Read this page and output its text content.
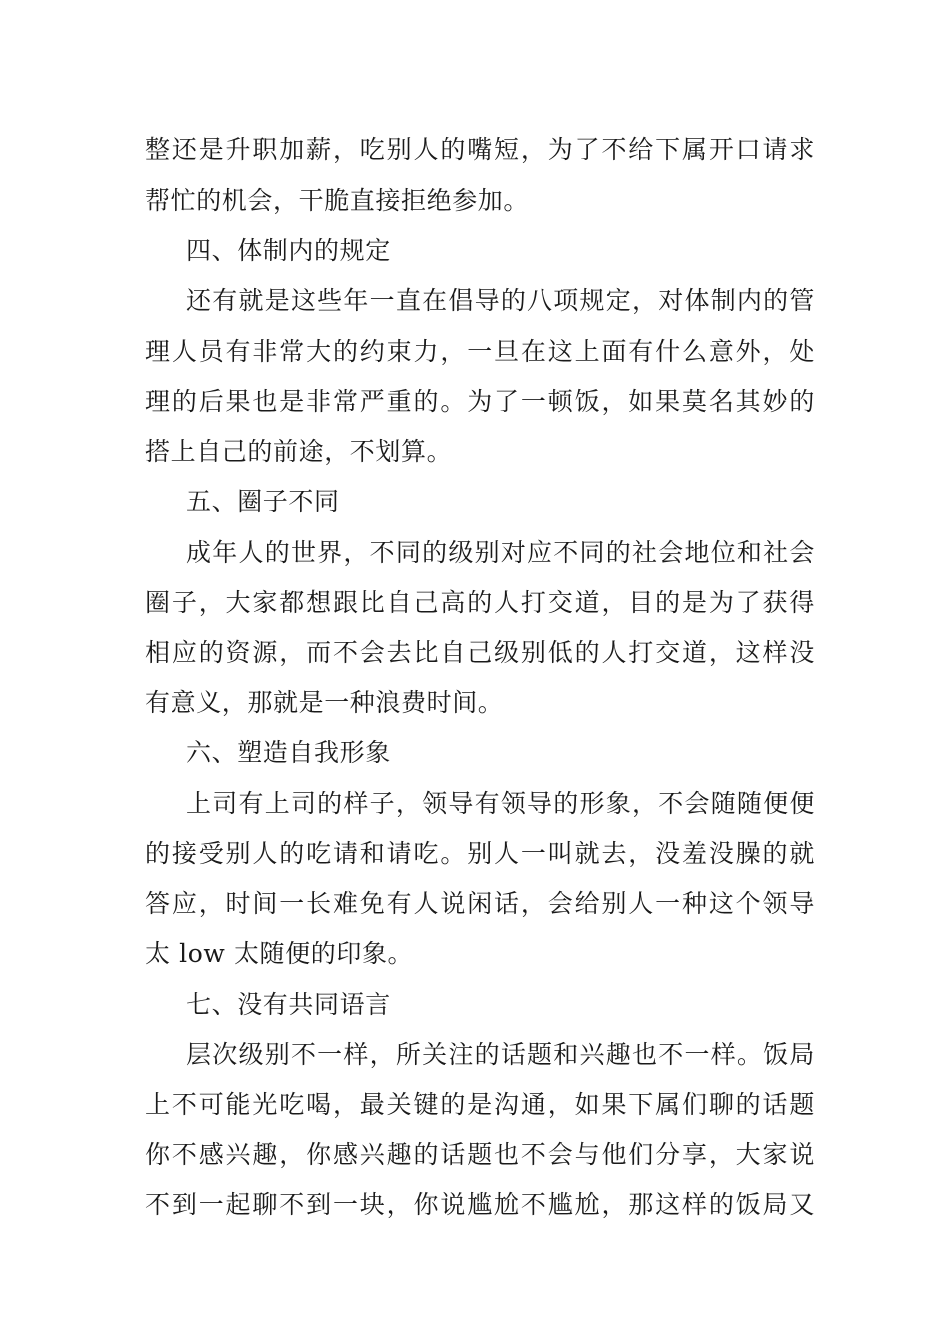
整还是升职加薪，吃别人的嘴短，为了不给下属开口请求
帮忙的机会，干脆直接拒绝参加。
四、体制内的规定
还有就是这些年一直在倡导的八项规定，对体制内的管
理人员有非常大的约束力，一旦在这上面有什么意外，处
理的后果也是非常严重的。为了一顿饭，如果莫名其妙的
搭上自己的前途，不划算。
五、圈子不同
成年人的世界，不同的级别对应不同的社会地位和社会
圈子，大家都想跟比自己高的人打交道，目的是为了获得
相应的资源，而不会去比自己级别低的人打交道，这样没
有意义，那就是一种浪费时间。
六、塑造自我形象
上司有上司的样子，领导有领导的形象，不会随随便便
的接受别人的吃请和请吃。别人一叫就去，没羞没臊的就
答应，时间一长难免有人说闲话，会给别人一种这个领导
太 low 太随便的印象。
七、没有共同语言
层次级别不一样，所关注的话题和兴趣也不一样。饭局
上不可能光吃喝，最关键的是沟通，如果下属们聊的话题
你不感兴趣，你感兴趣的话题也不会与他们分享，大家说
不到一起聊不到一块，你说尴尬不尴尬，那这样的饭局又
